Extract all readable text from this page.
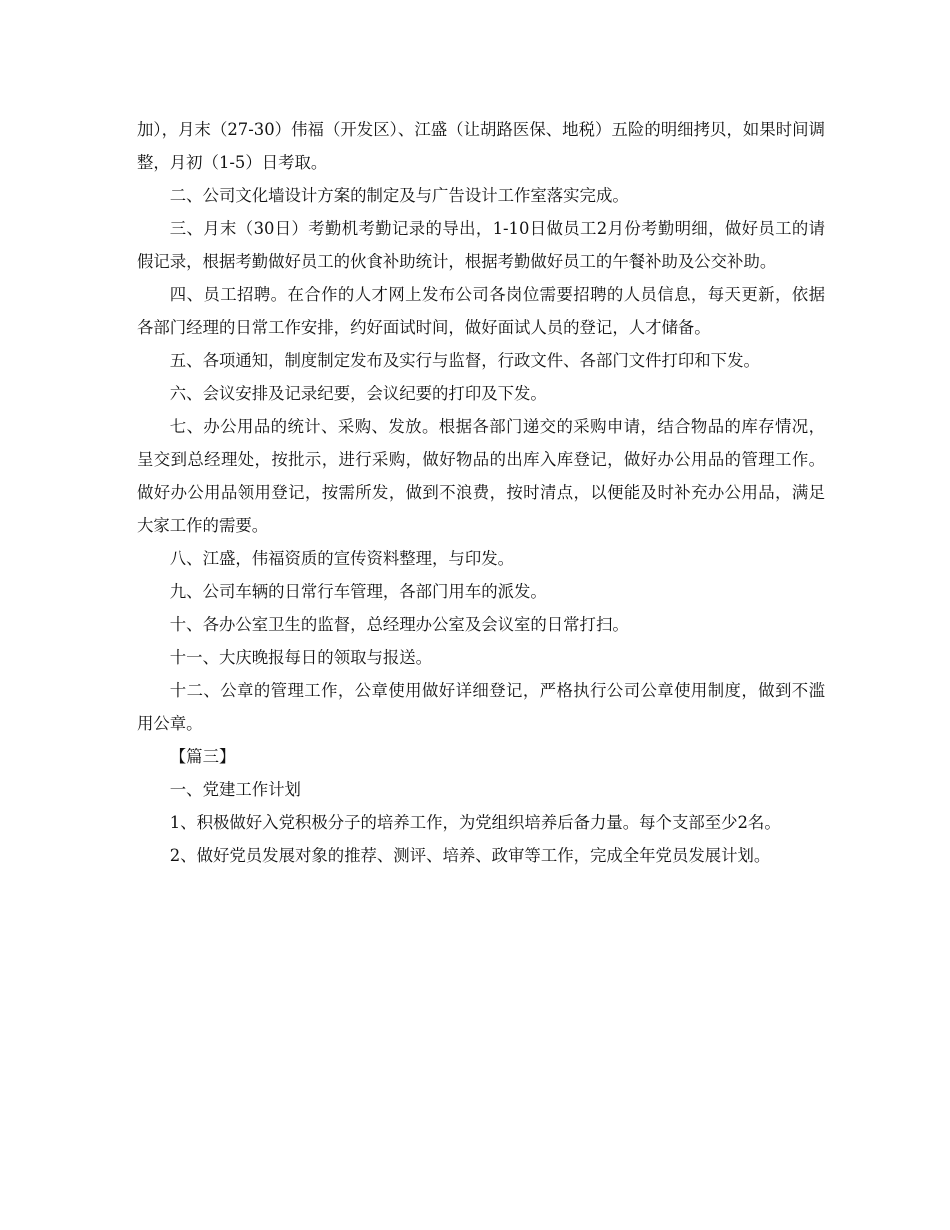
加），月末（27-30）伟福（开发区）、江盛（让胡路医保、地税）五险的明细拷贝，如果时间调整，月初（1-5）日考取。

二、公司文化墙设计方案的制定及与广告设计工作室落实完成。

三、月末（30日）考勤机考勤记录的导出，1-10日做员工2月份考勤明细，做好员工的请假记录，根据考勤做好员工的伙食补助统计，根据考勤做好员工的午餐补助及公交补助。

四、员工招聘。在合作的人才网上发布公司各岗位需要招聘的人员信息，每天更新，依据各部门经理的日常工作安排，约好面试时间，做好面试人员的登记，人才储备。

五、各项通知，制度制定发布及实行与监督，行政文件、各部门文件打印和下发。

六、会议安排及记录纪要，会议纪要的打印及下发。

七、办公用品的统计、采购、发放。根据各部门递交的采购申请，结合物品的库存情况，呈交到总经理处，按批示，进行采购，做好物品的出库入库登记，做好办公用品的管理工作。做好办公用品领用登记，按需所发，做到不浪费，按时清点，以便能及时补充办公用品，满足大家工作的需要。

八、江盛，伟福资质的宣传资料整理，与印发。

九、公司车辆的日常行车管理，各部门用车的派发。

十、各办公室卫生的监督，总经理办公室及会议室的日常打扫。

十一、大庆晚报每日的领取与报送。

十二、公章的管理工作，公章使用做好详细登记，严格执行公司公章使用制度，做到不滥用公章。

【篇三】

一、党建工作计划

1、积极做好入党积极分子的培养工作，为党组织培养后备力量。每个支部至少2名。

2、做好党员发展对象的推荐、测评、培养、政审等工作，完成全年党员发展计划。
